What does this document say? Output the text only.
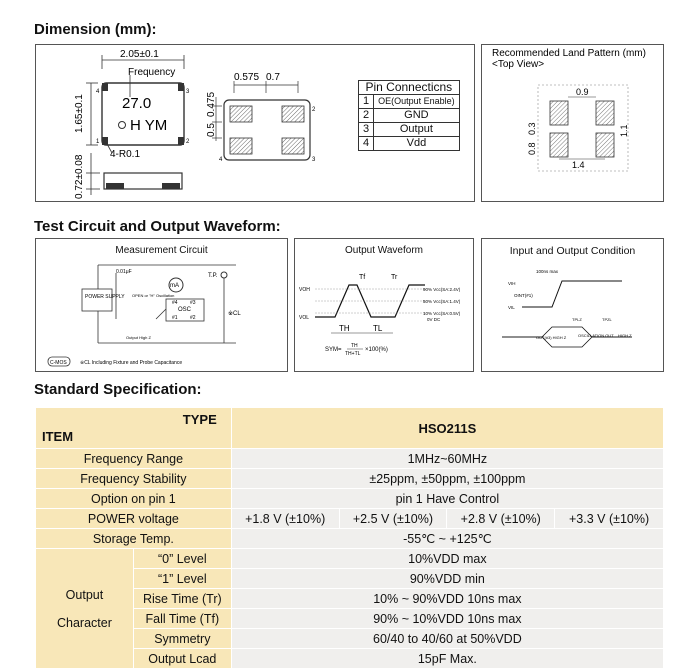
Dimension (mm):
Test Circuit and Output Waveform:
Standard Specification:
2.05±0.1
Frequency
27.0
H YM
4	3
1	2
1.65±0.1
4-R0.1
0.72±0.08
0.575 0.7
2
3
4
0.475
0.5
Pin Connecticns	
1	OE(Output Enable)
2	GND
3	Output
4	Vdd
Recommended Land Pattern (mm)
<Top View>
0.9
0.8
0.3	1.1
1.4
Measurement Circuit
0.01μF
mA
POWER SUPPLY
OSC
#4 #3
#1 #2
OPEN or "H" Oscillation
Output High Z
T.P.
※CL
C-MOS	※CL Including Fixture and Probe Capacitance
Output Waveform
VOH
VOL
Tf	Tr
90% Vcc(SA:2.4V)
50% Vcc(SA:1.4V)
10% Vcc(SA:0.5V)
0V DC
TH	TL
SYM=
TH
TH+TL
×100(%)
Input and Output Condition
100ns max
VIH
OINT(#1)
VIL
TPLZ	TPZL
OUT(#3) HIGH Z	OSCILLATION OUT HIGH Z
TYPE
ITEM		HSO211S			
Frequency Range		1MHz~60MHz			
Frequency Stability		±25ppm, ±50ppm, ±100ppm			
Option on pin 1		pin 1 Have Control			
POWER voltage		+1.8 V (±10%)	+2.5 V (±10%)	+2.8 V (±10%)	+3.3 V (±10%)
Storage Temp.		-55℃ ~ +125℃			
Output

Character	“0” Level	10%VDD max			
	“1” Level	90%VDD min			
	Rise Time (Tr)	10% ~ 90%VDD 10ns max			
	Fall Time (Tf)	90% ~ 10%VDD 10ns max			
	Symmetry	60/40 to 40/60 at 50%VDD			
	Output Lcad	15pF Max.			
